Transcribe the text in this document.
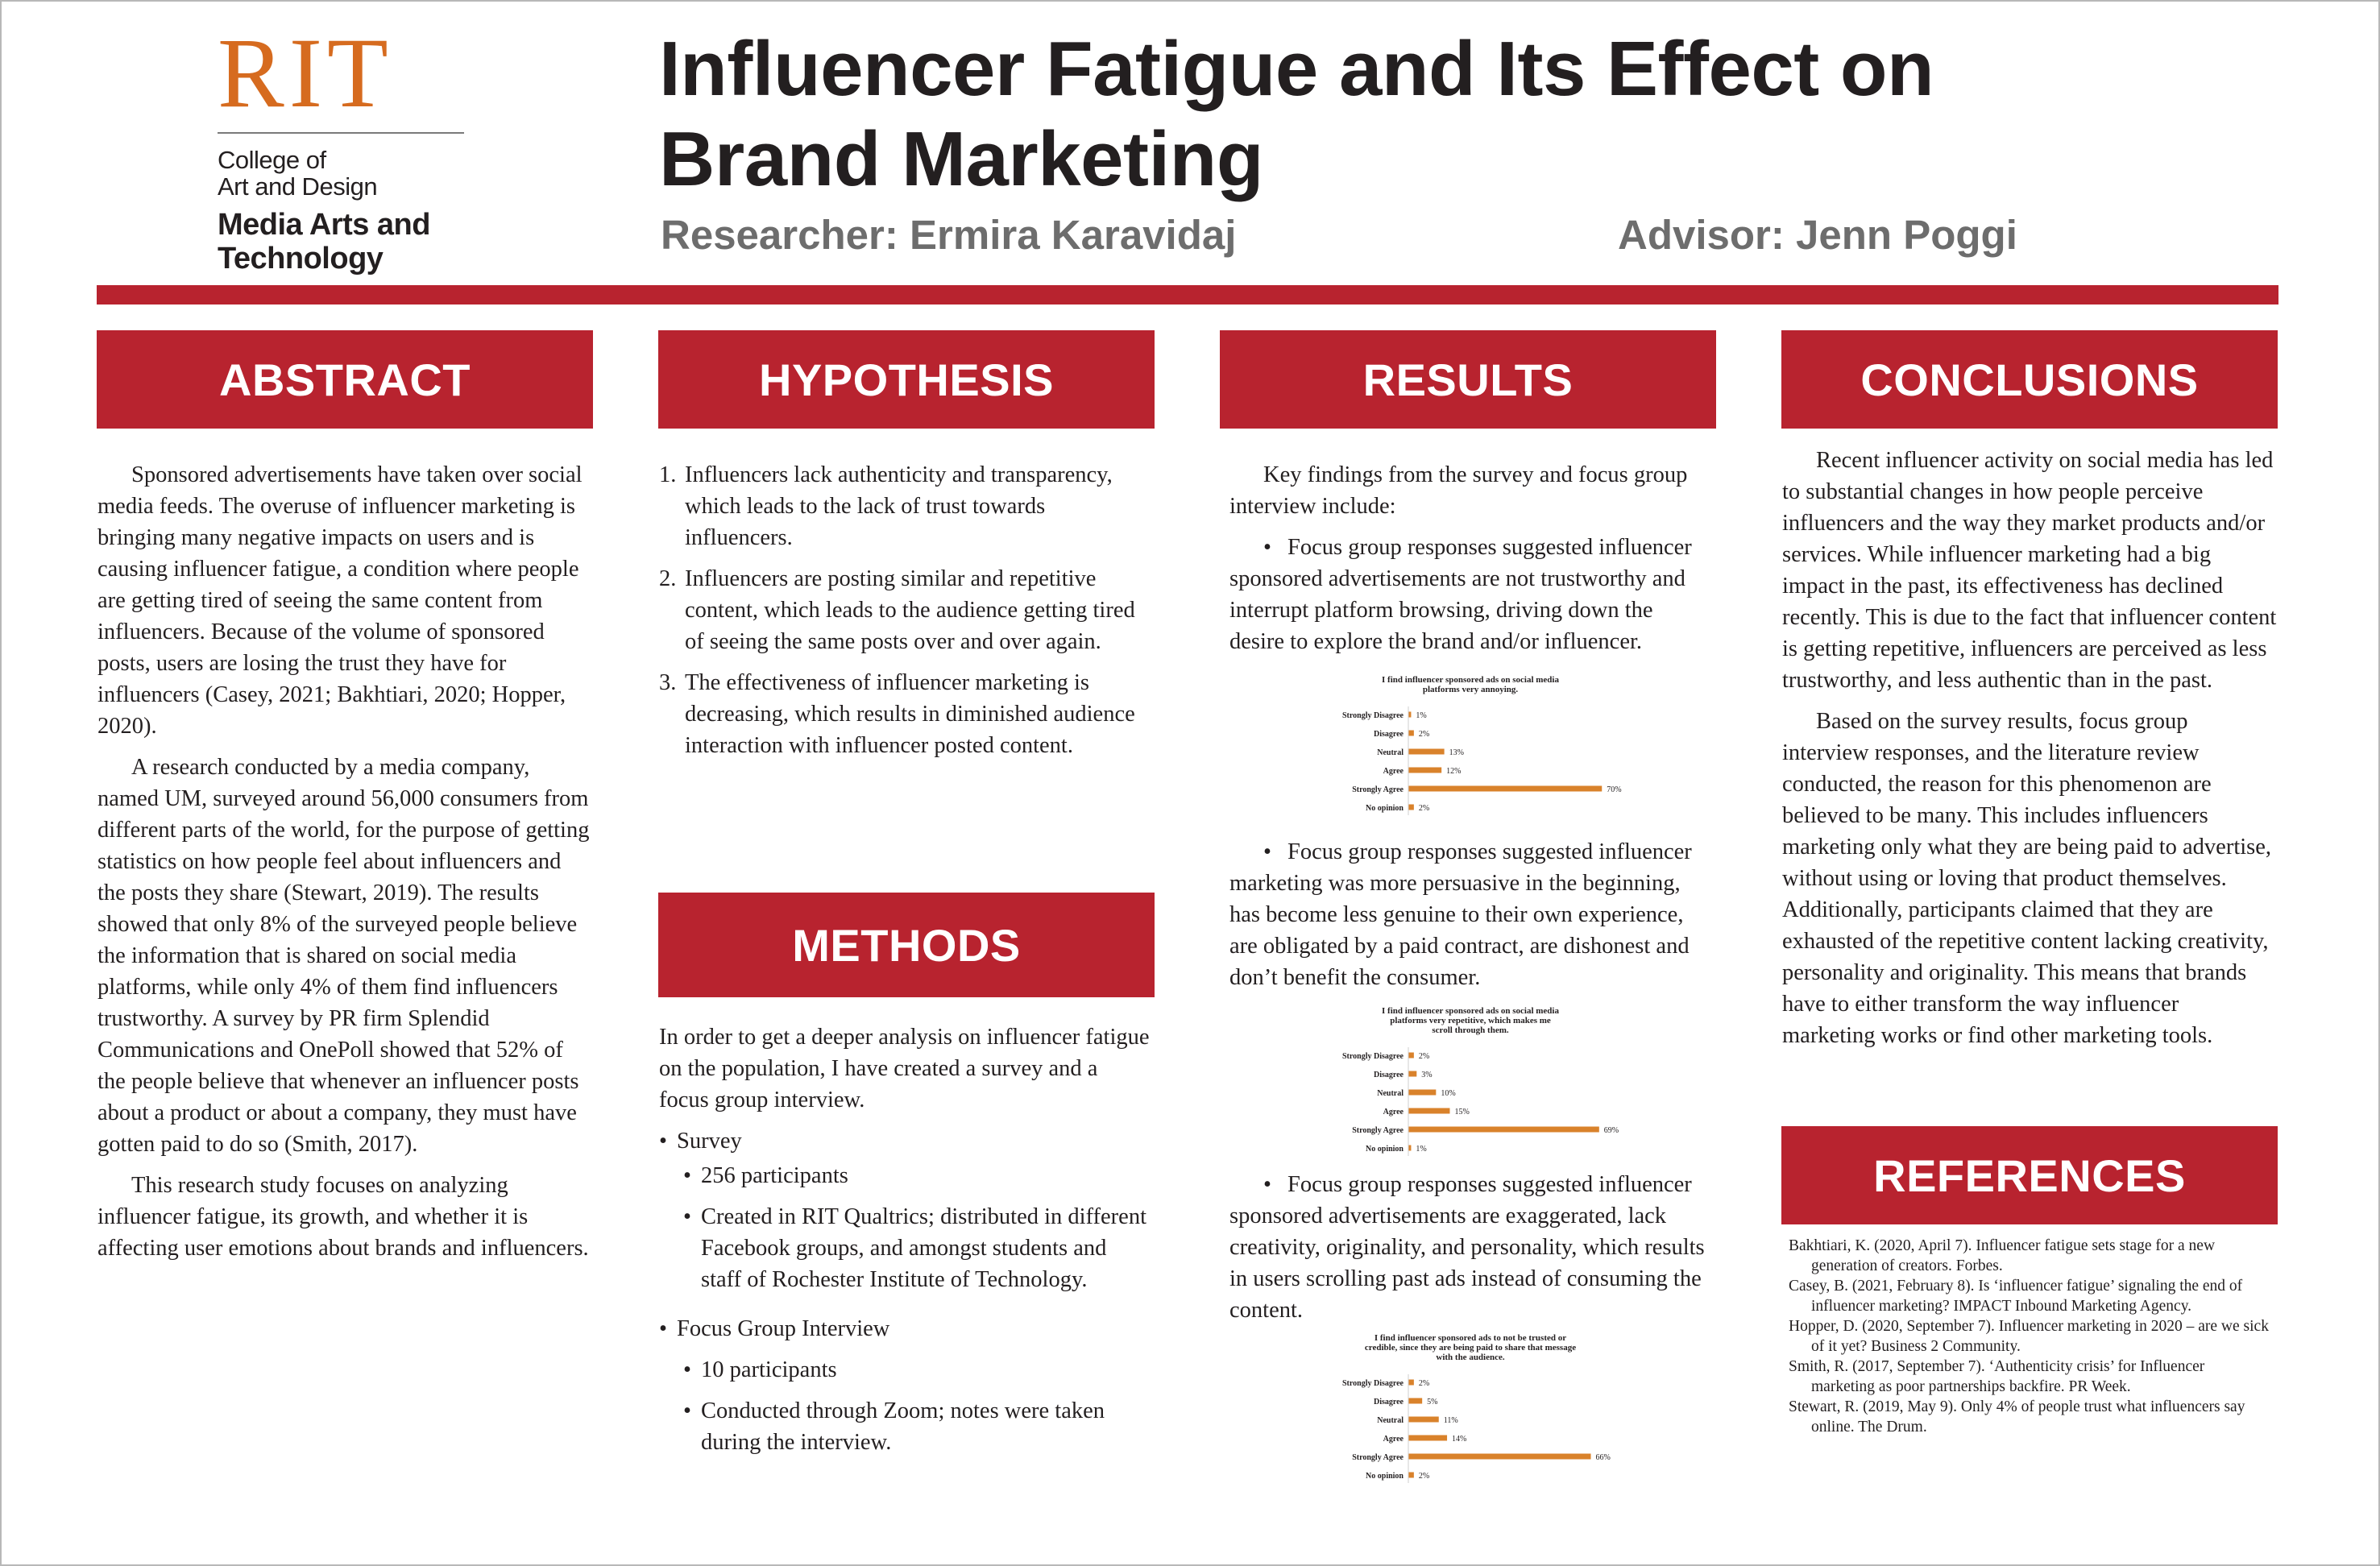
RIT
College of
Art and Design
Media Arts and
Technology
Influencer Fatigue and Its Effect on
Brand Marketing
Researcher: Ermira Karavidaj	Advisor: Jenn Poggi
ABSTRACT

Sponsored advertisements have taken over social media feeds. The overuse of influencer marketing is bringing many negative impacts on users and is causing influencer fatigue, a condition where people are getting tired of seeing the same content from influencers. Because of the volume of sponsored posts, users are losing the trust they have for influencers (Casey, 2021; Bakhtiari, 2020; Hopper, 2020).

A research conducted by a media company, named UM, surveyed around 56,000 consumers from different parts of the world, for the purpose of getting statistics on how people feel about influencers and the posts they share (Stewart, 2019). The results showed that only 8% of the surveyed people believe the information that is shared on social media platforms, while only 4% of them find influencers trustworthy. A survey by PR firm Splendid Communications and OnePoll showed that 52% of the people believe that whenever an influencer posts about a product or about a company, they must have gotten paid to do so (Smith, 2017).

This research study focuses on analyzing influencer fatigue, its growth, and whether it is affecting user emotions about brands and influencers.

HYPOTHESIS
1. Influencers lack authenticity and transparency, which leads to the lack of trust towards influencers.
2. Influencers are posting similar and repetitive content, which leads to the audience getting tired of seeing the same posts over and over again.
3. The effectiveness of influencer marketing is decreasing, which results in diminished audience interaction with influencer posted content.
METHODS

In order to get a deeper analysis on influencer fatigue on the population, I have created a survey and a focus group interview.

• Survey
• 256 participants
• Created in RIT Qualtrics; distributed in different Facebook groups, and amongst students and staff of Rochester Institute of Technology.
• Focus Group Interview
• 10 participants
• Conducted through Zoom; notes were taken during the interview.
RESULTS

Key findings from the survey and focus group interview include:

• Focus group responses suggested influencer sponsored advertisements are not trustworthy and interrupt platform browsing, driving down the desire to explore the brand and/or influencer.

I find influencer sponsored ads on social media
platforms very annoying.
Strongly Disagree 1%
Disagree 2%
Neutral	13%
Agree	12%
Strongly Agree	70%
No opinion 2%

• Focus group responses suggested influencer marketing was more persuasive in the beginning, has become less genuine to their own experience, are obligated by a paid contract, are dishonest and don’t benefit the consumer.

I find influencer sponsored ads on social media
platforms very repetitive, which makes me
scroll through them.
Strongly Disagree 2%
Disagree 3%
Neutral	10%
Agree	15%
Strongly Agree	69%
No opinion 1%

• Focus group responses suggested influencer sponsored advertisements are exaggerated, lack creativity, originality, and personality, which results in users scrolling past ads instead of consuming the content.

I find influencer sponsored ads to not be trusted or
credible, since they are being paid to share that message
with the audience.
Strongly Disagree 2%
Disagree	5%
Neutral	11%
Agree	14%
Strongly Agree	66%
No opinion 2%
CONCLUSIONS

Recent influencer activity on social media has led to substantial changes in how people perceive influencers and the way they market products and/or services. While influencer marketing had a big impact in the past, its effectiveness has declined recently. This is due to the fact that influencer content is getting repetitive, influencers are perceived as less trustworthy, and less authentic than in the past.

Based on the survey results, focus group interview responses, and the literature review conducted, the reason for this phenomenon are believed to be many. This includes influencers marketing only what they are being paid to advertise, without using or loving that product themselves. Additionally, participants claimed that they are exhausted of the repetitive content lacking creativity, personality and originality. This means that brands have to either transform the way influencer marketing works or find other marketing tools.

REFERENCES
Bakhtiari, K. (2020, April 7). Influencer fatigue sets stage for a new generation of creators. Forbes.
Casey, B. (2021, February 8). Is ‘influencer fatigue’ signaling the end of influencer marketing? IMPACT Inbound Marketing Agency.
Hopper, D. (2020, September 7). Influencer marketing in 2020 – are we sick of it yet? Business 2 Community.
Smith, R. (2017, September 7). ‘Authenticity crisis’ for Influencer marketing as poor partnerships backfire. PR Week.
Stewart, R. (2019, May 9). Only 4% of people trust what influencers say online. The Drum.
